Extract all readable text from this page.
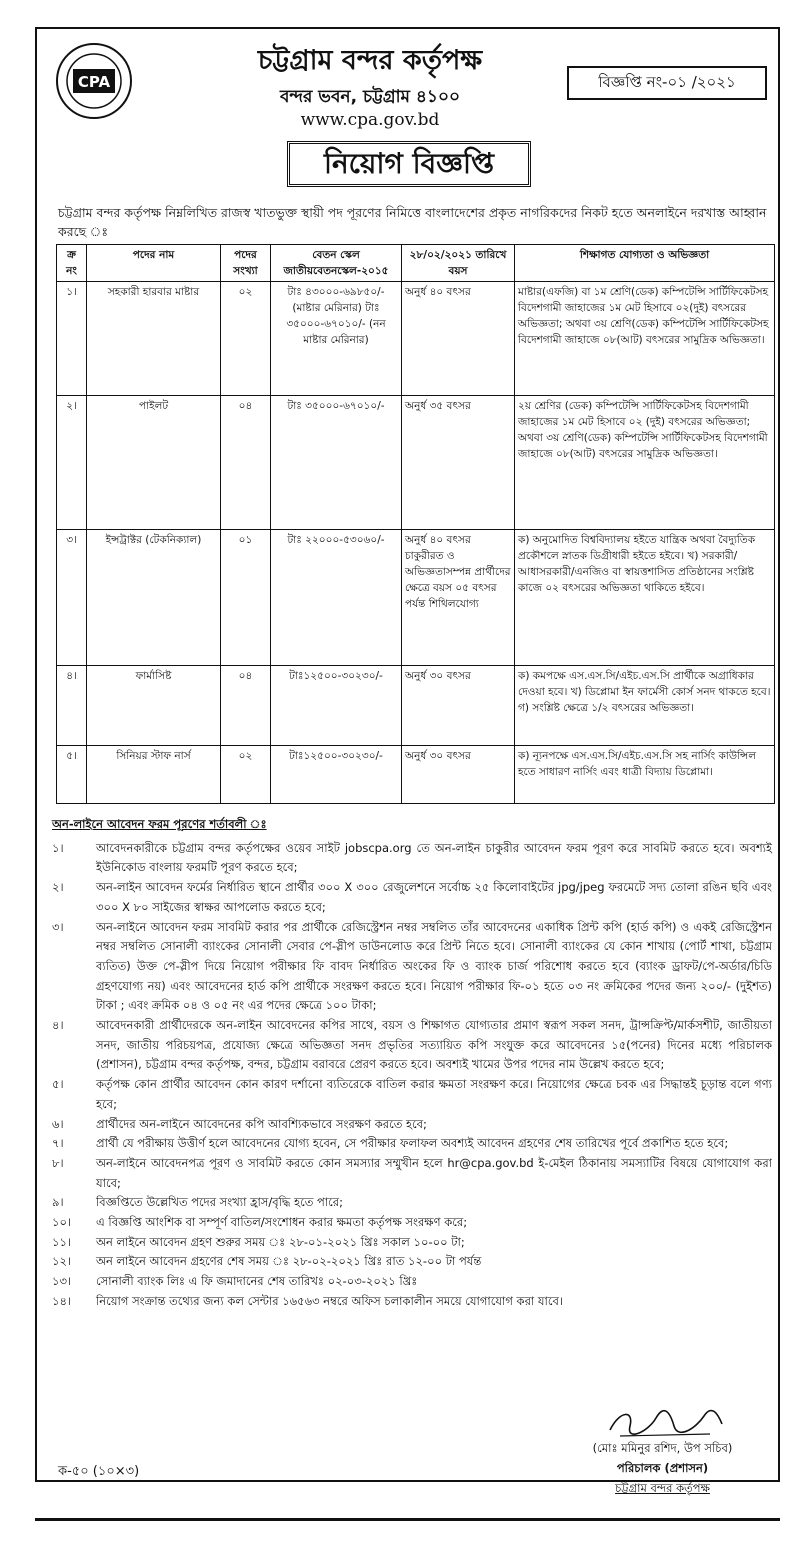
CPA
চট্টগ্রাম বন্দর কর্তৃপক্ষ
বন্দর ভবন, চট্টগ্রাম ৪১০০
www.cpa.gov.bd
বিজ্ঞপ্তি নং-০১ /২০২১
নিয়োগ বিজ্ঞপ্তি
চট্টগ্রাম বন্দর কর্তৃপক্ষ নিম্নলিখিত রাজস্ব খাতভুক্ত স্থায়ী পদ পূরণের নিমিত্তে বাংলাদেশের প্রকৃত নাগরিকদের নিকট হতে অনলাইনে দরখাস্ত আহ্বান করছে ঃ
ক্র নং	পদের নাম	পদের সংখ্যা	বেতন স্কেল জাতীয়বেতনস্কেল-২০১৫	২৮/০২/২০২১ তারিখে বয়স	শিক্ষাগত যোগ্যতা ও অভিজ্ঞতা
১।	সহকারী হারবার মাষ্টার	০২	টাঃ ৪৩০০০-৬৯৮৫০/- (মাষ্টার মেরিনার) টাঃ ৩৫০০০-৬৭০১০/- (নন মাষ্টার মেরিনার)	অনুর্ধ ৪০ বৎসর	মাষ্টার(এফজি) বা ১ম শ্রেণি(ডেক) কম্পিটেন্সি সার্টিফিকেটসহ বিদেশগামী জাহাজের ১ম মেট হিসাবে ০২(দুই) বৎসরের অভিজ্ঞতা; অথবা ৩য় শ্রেণি(ডেক) কম্পিটেন্সি সার্টিফিকেটসহ বিদেশগামী জাহাজে ০৮(আট) বৎসরের সামুদ্রিক অভিজ্ঞতা।
২।	পাইলট	০৪	টাঃ ৩৫০০০-৬৭০১০/-	অনুর্ধ ৩৫ বৎসর	২য় শ্রেণির (ডেক) কম্পিটেন্সি সার্টিফিকেটসহ বিদেশগামী জাহাজের ১ম মেট হিসাবে ০২ (দুই) বৎসরের অভিজ্ঞতা; অথবা ৩য় শ্রেণি(ডেক) কম্পিটেন্সি সার্টিফিকেটসহ বিদেশগামী জাহাজে ০৮(আট) বৎসরের সামুদ্রিক অভিজ্ঞতা।
৩।	ইন্সট্রাক্টর (টেকনিক্যাল)	০১	টাঃ ২২০০০-৫৩০৬০/-	অনুর্ধ ৪০ বৎসর চাকুরীরত ও অভিজ্ঞতাসম্পন্ন প্রার্থীদের ক্ষেত্রে বয়স ০৫ বৎসর পর্যন্ত শিথিলযোগ্য	ক) অনুমোদিত বিশ্ববিদ্যালয় হইতে যান্ত্রিক অথবা বৈদ্যুতিক প্রকৌশলে স্নাতক ডিগ্রীধারী হইতে হইবে। খ) সরকারী/আধাসরকারী/এনজিও বা স্বায়ত্তশাসিত প্রতিষ্ঠানের সংশ্লিষ্ট কাজে ০২ বৎসরের অভিজ্ঞতা থাকিতে হইবে।
৪।	ফার্মাসিষ্ট	০৪	টাঃ১২৫০০-৩০২৩০/-	অনুর্ধ ৩০ বৎসর	ক) কমপক্ষে এস.এস.সি/এইচ.এস.সি প্রার্থীকে অগ্রাধিকার দেওয়া হবে। খ) ডিপ্লোমা ইন ফার্মেসী কোর্স সনদ থাকতে হবে। গ) সংশ্লিষ্ট ক্ষেত্রে ১/২ বৎসরের অভিজ্ঞতা।
৫।	সিনিয়র স্টাফ নার্স	০২	টাঃ১২৫০০-৩০২৩০/-	অনুর্ধ ৩০ বৎসর	ক) ন্যূনপক্ষে এস.এস.সি/এইচ.এস.সি সহ নার্সিং কাউন্সিল হতে সাধারণ নার্সিং এবং ধাত্রী বিদ্যায় ডিপ্লোমা।
অন-লাইনে আবেদন ফরম পূরণের শর্তাবলী ঃ
১।	আবেদনকারীকে চট্টগ্রাম বন্দর কর্তৃপক্ষের ওয়েব সাইট jobscpa.org তে অন-লাইন চাকুরীর আবেদন ফরম পূরণ করে সাবমিট করতে হবে। অবশ্যই ইউনিকোড বাংলায় ফরমটি পূরণ করতে হবে;
২।	অন-লাইন আবেদন ফর্মের নির্ধারিত স্থানে প্রার্থীর ৩০০ X ৩০০ রেজুলেশনে সর্বোচ্চ ২৫ কিলোবাইটের jpg/jpeg ফরমেটে সদ্য তোলা রঙিন ছবি এবং ৩০০ X ৮০ সাইজের স্বাক্ষর আপলোড করতে হবে;
৩।	অন-লাইনে আবেদন ফরম সাবমিট করার পর প্রার্থীকে রেজিস্ট্রেশন নম্বর সম্বলিত তাঁর আবেদনের একাধিক প্রিন্ট কপি (হার্ড কপি) ও একই রেজিস্ট্রেশন নম্বর সম্বলিত সোনালী ব্যাংকের সোনালী সেবার পে-স্লীপ ডাউনলোড করে প্রিন্ট নিতে হবে। সোনালী ব্যাংকের যে কোন শাখায় (পোর্ট শাখা, চট্টগ্রাম ব্যতিত) উক্ত পে-স্লীপ দিয়ে নিয়োগ পরীক্ষার ফি বাবদ নির্ধারিত অংকের ফি ও ব্যাংক চার্জ পরিশোধ করতে হবে (ব্যাংক ড্রাফট/পে-অর্ডার/চিডি গ্রহণযোগ্য নয়) এবং আবেদনের হার্ড কপি প্রার্থীকে সংরক্ষণ করতে হবে। নিয়োগ পরীক্ষার ফি-০১ হতে ০৩ নং ক্রমিকের পদের জন্য ২০০/- (দুইশত) টাকা ; এবং ক্রমিক ০৪ ও ০৫ নং এর পদের ক্ষেত্রে ১০০ টাকা;
৪।	আবেদনকারী প্রার্থীদেরকে অন-লাইন আবেদনের কপির সাথে, বয়স ও শিক্ষাগত যোগ্যতার প্রমাণ স্বরূপ সকল সনদ, ট্রান্সক্রিপ্ট/মার্কসশীট, জাতীয়তা সনদ, জাতীয় পরিচয়পত্র, প্রযোজ্য ক্ষেত্রে অভিজ্ঞতা সনদ প্রভৃতির সত্যায়িত কপি সংযুক্ত করে আবেদনের ১৫(পনের) দিনের মধ্যে পরিচালক (প্রশাসন), চট্টগ্রাম বন্দর কর্তৃপক্ষ, বন্দর, চট্টগ্রাম বরাবরে প্রেরণ করতে হবে। অবশ্যই খামের উপর পদের নাম উল্লেখ করতে হবে;
৫।	কর্তৃপক্ষ কোন প্রার্থীর আবেদন কোন কারণ দর্শানো ব্যতিরেকে বাতিল করার ক্ষমতা সংরক্ষণ করে। নিয়োগের ক্ষেত্রে চবক এর সিদ্ধান্তই চূড়ান্ত বলে গণ্য হবে;
৬।	প্রার্থীদের অন-লাইনে আবেদনের কপি আবশ্যিকভাবে সংরক্ষণ করতে হবে;
৭।	প্রার্থী যে পরীক্ষায় উত্তীর্ণ হলে আবেদনের যোগ্য হবেন, সে পরীক্ষার ফলাফল অবশ্যই আবেদন গ্রহণের শেষ তারিখের পূর্বে প্রকাশিত হতে হবে;
৮।	অন-লাইনে আবেদনপত্র পূরণ ও সাবমিট করতে কোন সমস্যার সম্মুখীন হলে hr@cpa.gov.bd ই-মেইল ঠিকানায় সমস্যাটির বিষয়ে যোগাযোগ করা যাবে;
৯।	বিজ্ঞপ্তিতে উল্লেখিত পদের সংখ্যা হ্রাস/বৃদ্ধি হতে পারে;
১০।	এ বিজ্ঞপ্তি আংশিক বা সম্পূর্ণ বাতিল/সংশোধন করার ক্ষমতা কর্তৃপক্ষ সংরক্ষণ করে;
১১।	অন লাইনে আবেদন গ্রহণ শুরুর সময় ঃ ২৮-০১-২০২১ খ্রিঃ সকাল ১০-০০ টা;
১২।	অন লাইনে আবেদন গ্রহণের শেষ সময় ঃ ২৮-০২-২০২১ খ্রিঃ রাত ১২-০০ টা পর্যন্ত
১৩।	সোনালী ব্যাংক লিঃ এ ফি জমাদানের শেষ তারিখঃ ০২-০৩-২০২১ খ্রিঃ
১৪।	নিয়োগ সংক্রান্ত তথ্যের জন্য কল সেন্টার ১৬৫৬৩ নম্বরে অফিস চলাকালীন সময়ে যোগাযোগ করা যাবে।
(মোঃ মমিনুর রশিদ, উপ সচিব)
পরিচালক (প্রশাসন)
চট্টগ্রাম বন্দর কর্তৃপক্ষ
ক-৫০ (১০×৩)
